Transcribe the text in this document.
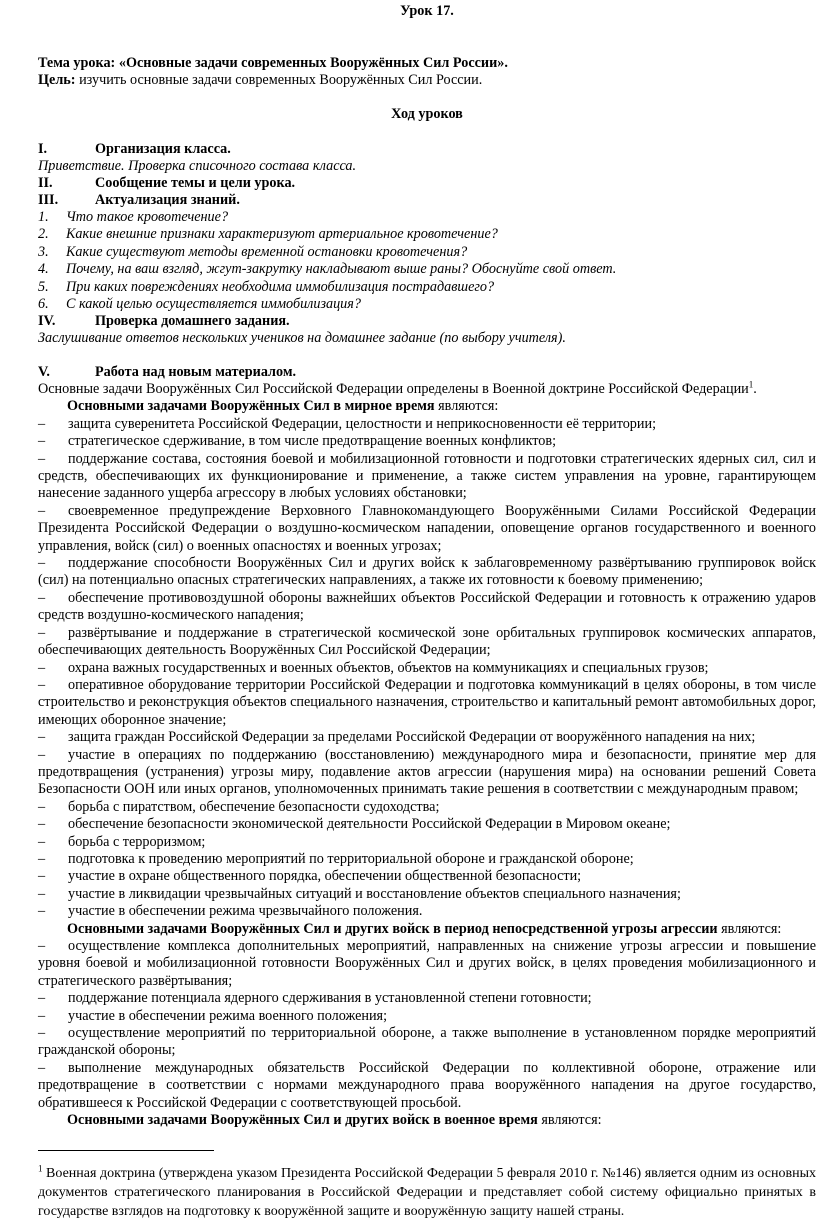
Урок 17.

Тема урока: «Основные задачи современных Вооружённых Сил России».

Цель: изучить основные задачи современных Вооружённых Сил России.

Ход уроков

I.	Организация класса.

Приветствие. Проверка списочного состава класса.

II.	Сообщение темы и цели урока.

III.	Актуализация знаний.

1. Что такое кровотечение?
2. Какие внешние признаки характеризуют артериальное кровотечение?
3. Какие существуют методы временной остановки кровотечения?
4. Почему, на ваш взгляд, жгут-закрутку накладывают выше раны? Обоснуйте свой ответ.
5. При каких повреждениях необходима иммобилизация пострадавшего?
6. С какой целью осуществляется иммобилизация?

IV.	Проверка домашнего задания.

Заслушивание ответов нескольких учеников на домашнее задание (по выбору учителя).

V.	Работа над новым материалом.

Основные задачи Вооружённых Сил Российской Федерации определены в Военной доктрине Российской Федерации$^1$.
Основными задачами Вооружённых Сил в мирное время являются:
– защита суверенитета Российской Федерации, целостности и неприкосновенности её территории;
– стратегическое сдерживание, в том числе предотвращение военных конфликтов;
– поддержание состава, состояния боевой и мобилизационной готовности и подготовки стратегических ядерных сил, сил и средств, обеспечивающих их функционирование и применение, а также систем управления на уровне, гарантирующем нанесение заданного ущерба агрессору в любых условиях обстановки;
– своевременное предупреждение Верховного Главнокомандующего Вооружёнными Силами Российской Федерации Президента Российской Федерации о воздушно-космическом нападении, оповещение органов государственного и военного управления, войск (сил) о военных опасностях и военных угрозах;
– поддержание способности Вооружённых Сил и других войск к заблаговременному развёртыванию группировок войск (сил) на потенциально опасных стратегических направлениях, а также их готовности к боевому применению;
– обеспечение противовоздушной обороны важнейших объектов Российской Федерации и готовность к отражению ударов средств воздушно-космического нападения;
– развёртывание и поддержание в стратегической космической зоне орбитальных группировок космических аппаратов, обеспечивающих деятельность Вооружённых Сил Российской Федерации;
– охрана важных государственных и военных объектов, объектов на коммуникациях и специальных грузов;
– оперативное оборудование территории Российской Федерации и подготовка коммуникаций в целях обороны, в том числе строительство и реконструкция объектов специального назначения, строительство и капитальный ремонт автомобильных дорог, имеющих оборонное значение;
– защита граждан Российской Федерации за пределами Российской Федерации от вооружённого нападения на них;
– участие в операциях по поддержанию (восстановлению) международного мира и безопасности, принятие мер для предотвращения (устранения) угрозы миру, подавление актов агрессии (нарушения мира) на основании решений Совета Безопасности ООН или иных органов, уполномоченных принимать такие решения в соответствии с международным правом;
– борьба с пиратством, обеспечение безопасности судоходства;
– обеспечение безопасности экономической деятельности Российской Федерации в Мировом океане;
– борьба с терроризмом;
– подготовка к проведению мероприятий по территориальной обороне и гражданской обороне;
– участие в охране общественного порядка, обеспечении общественной безопасности;
– участие в ликвидации чрезвычайных ситуаций и восстановление объектов специального назначения;
– участие в обеспечении режима чрезвычайного положения.
Основными задачами Вооружённых Сил и других войск в период непосредственной угрозы агрессии являются:
– осуществление комплекса дополнительных мероприятий, направленных на снижение угрозы агрессии и повышение уровня боевой и мобилизационной готовности Вооружённых Сил и других войск, в целях проведения мобилизационного и стратегического развёртывания;
– поддержание потенциала ядерного сдерживания в установленной степени готовности;
– участие в обеспечении режима военного положения;
– осуществление мероприятий по территориальной обороне, а также выполнение в установленном порядке мероприятий гражданской обороны;
– выполнение международных обязательств Российской Федерации по коллективной обороне, отражение или предотвращение в соответствии с нормами международного права вооружённого нападения на другое государство, обратившееся к Российской Федерации с соответствующей просьбой.
Основными задачами Вооружённых Сил и других войск в военное время являются:
$^1$ Военная доктрина (утверждена указом Президента Российской Федерации 5 февраля 2010 г. №146) является одним из основных документов стратегического планирования в Российской Федерации и представляет собой систему официально принятых в государстве взглядов на подготовку к вооружённой защите и вооружённую защиту нашей страны.
